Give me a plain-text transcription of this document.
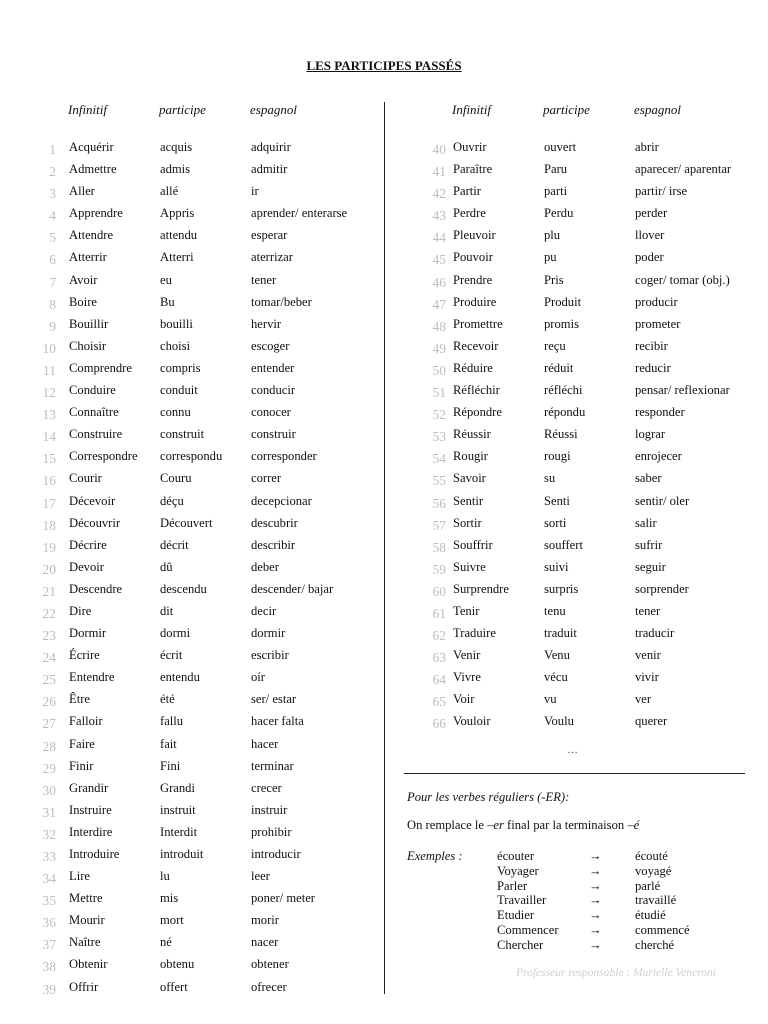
LES PARTICIPES PASSÉS
Infinitif	participe	espagnol	Infinitif	participe	espagnol
1 Acquérir	acquis	adquirir
2 Admettre	admis	admitir
3 Aller	allé	ir
4 Apprendre	Appris	aprender/ enterarse
5 Attendre	attendu	esperar
6 Atterrir	Atterri	aterrizar
7 Avoir	eu	tener
8 Boire	Bu	tomar/beber
9 Bouillir	bouilli	hervir
10 Choisir	choisi	escoger
11 Comprendre compris	entender
12 Conduire	conduit	conducir
13 Connaître	connu	conocer
14 Construire	construit	construir
15 Correspondre correspondu corresponder
16 Courir	Couru	correr
17 Décevoir	déçu	decepcionar
18 Découvrir	Découvert	descubrir
19 Décrire	décrit	describir
20 Devoir	dû	deber
21 Descendre	descendu	descender/ bajar
22 Dire	dit	decir
23 Dormir	dormi	dormir
24 Écrire	écrit	escribir
25 Entendre	entendu	oír
26 Être	été	ser/ estar
27 Falloir	fallu	hacer falta
28 Faire	fait	hacer
29 Finir	Fini	terminar
30 Grandir	Grandi	crecer
31 Instruire	instruit	instruir
32 Interdire	Interdit	prohibir
33 Introduire	introduit	introducir
34 Lire	lu	leer
35 Mettre	mis	poner/ meter
36 Mourir	mort	morir
37 Naître	né	nacer
38 Obtenir	obtenu	obtener
39 Offrir	offert	ofrecer
40 Ouvrir	ouvert	abrir
41 Paraître	Paru	aparecer/ aparentar
42 Partir	parti	partir/ irse
43 Perdre	Perdu	perder
44 Pleuvoir	plu	llover
45 Pouvoir	pu	poder
46 Prendre	Pris	coger/ tomar (obj.)
47 Produire	Produit	producir
48 Promettre	promis	prometer
49 Recevoir	reçu	recibir
50 Réduire	réduit	reducir
51 Réfléchir	réfléchi	pensar/ reflexionar
52 Répondre	répondu	responder
53 Réussir	Réussi	lograr
54 Rougir	rougi	enrojecer
55 Savoir	su	saber
56 Sentir	Senti	sentir/ oler
57 Sortir	sorti	salir
58 Souffrir	souffert	sufrir
59 Suivre	suivi	seguir
60 Surprendre	surpris	sorprender
61 Tenir	tenu	tener
62 Traduire	traduit	traducir
63 Venir	Venu	venir
64 Vivre	vécu	vivir
65 Voir	vu	ver
66 Vouloir	Voulu	querer
…
Pour les verbes réguliers (-ER):
On remplace le –er final par la terminaison –é
Exemples :	écouter	→	écouté
Voyager	→	voyagé
Parler	→	parlé
Travailler	→	travaillé
Etudier	→	étudié
Commencer →	commencé
Chercher	→	cherché
Professeur responsable : Murielle Veneroni
